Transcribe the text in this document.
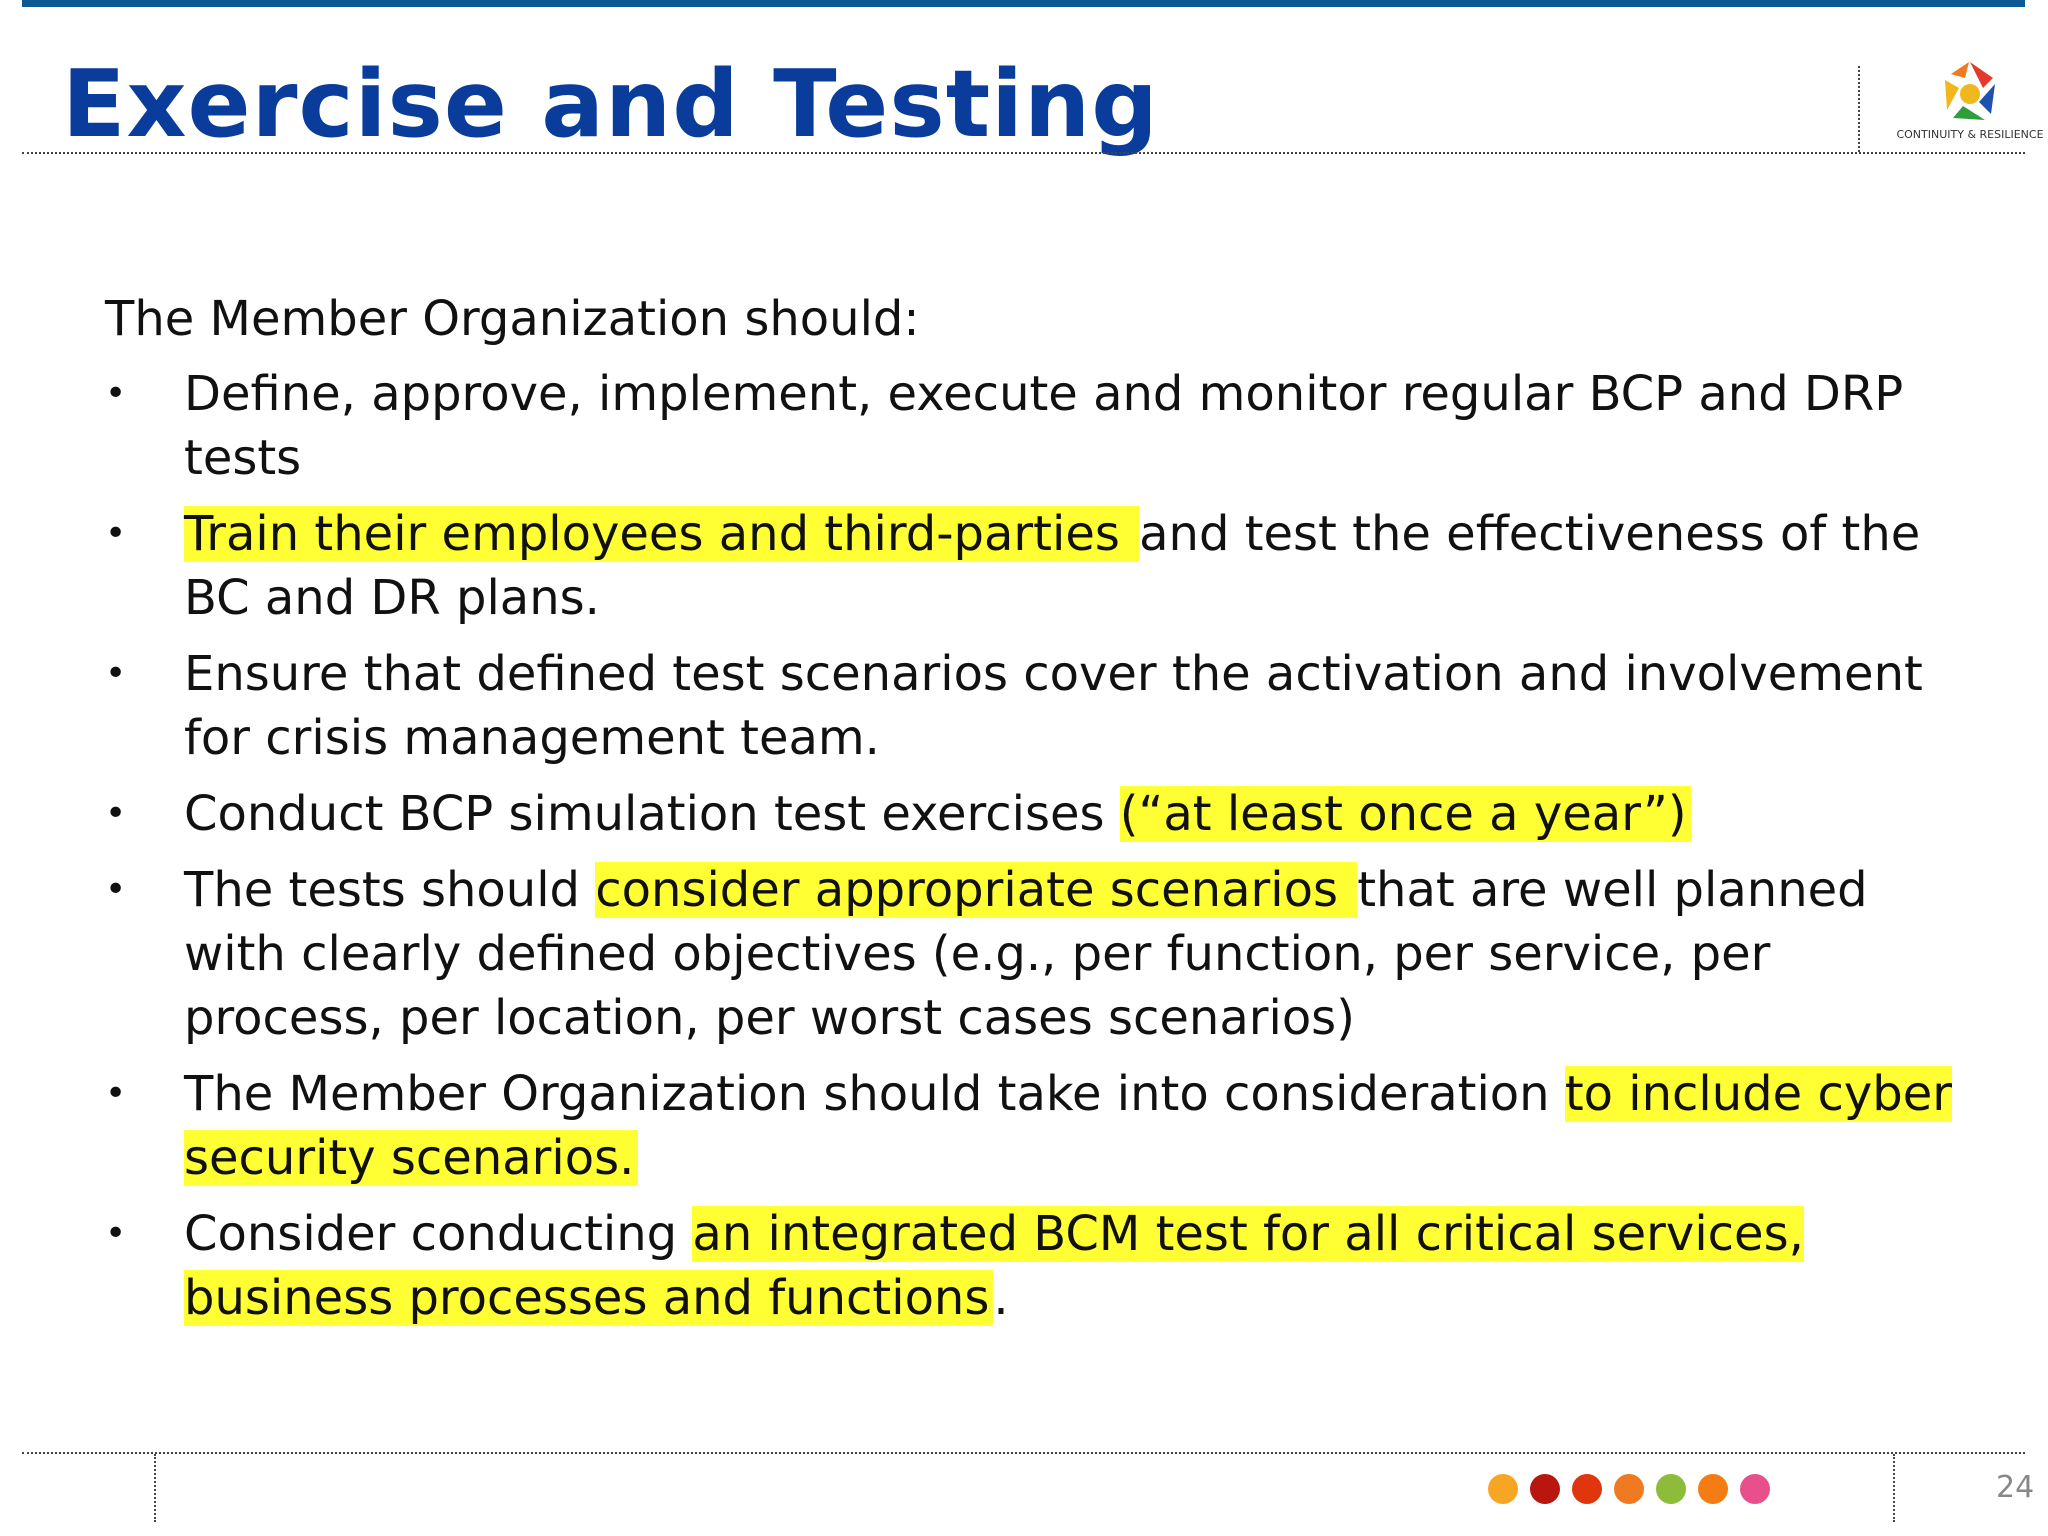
Exercise and Testing	CONTINUITY & RESILIENCE

The Member Organization should:

•	Define, approve, implement, execute and monitor regular BCP and DRP tests
•	Train their employees and third-parties and test the effectiveness of the BC and DR plans.
•	Ensure that defined test scenarios cover the activation and involvement for crisis management team.
•	Conduct BCP simulation test exercises (“at least once a year”)
•	The tests should consider appropriate scenarios that are well planned with clearly defined objectives (e.g., per function, per service, per process, per location, per worst cases scenarios)
•	The Member Organization should take into consideration to include cyber security scenarios.
•	Consider conducting an integrated BCM test for all critical services, business processes and functions.
24
